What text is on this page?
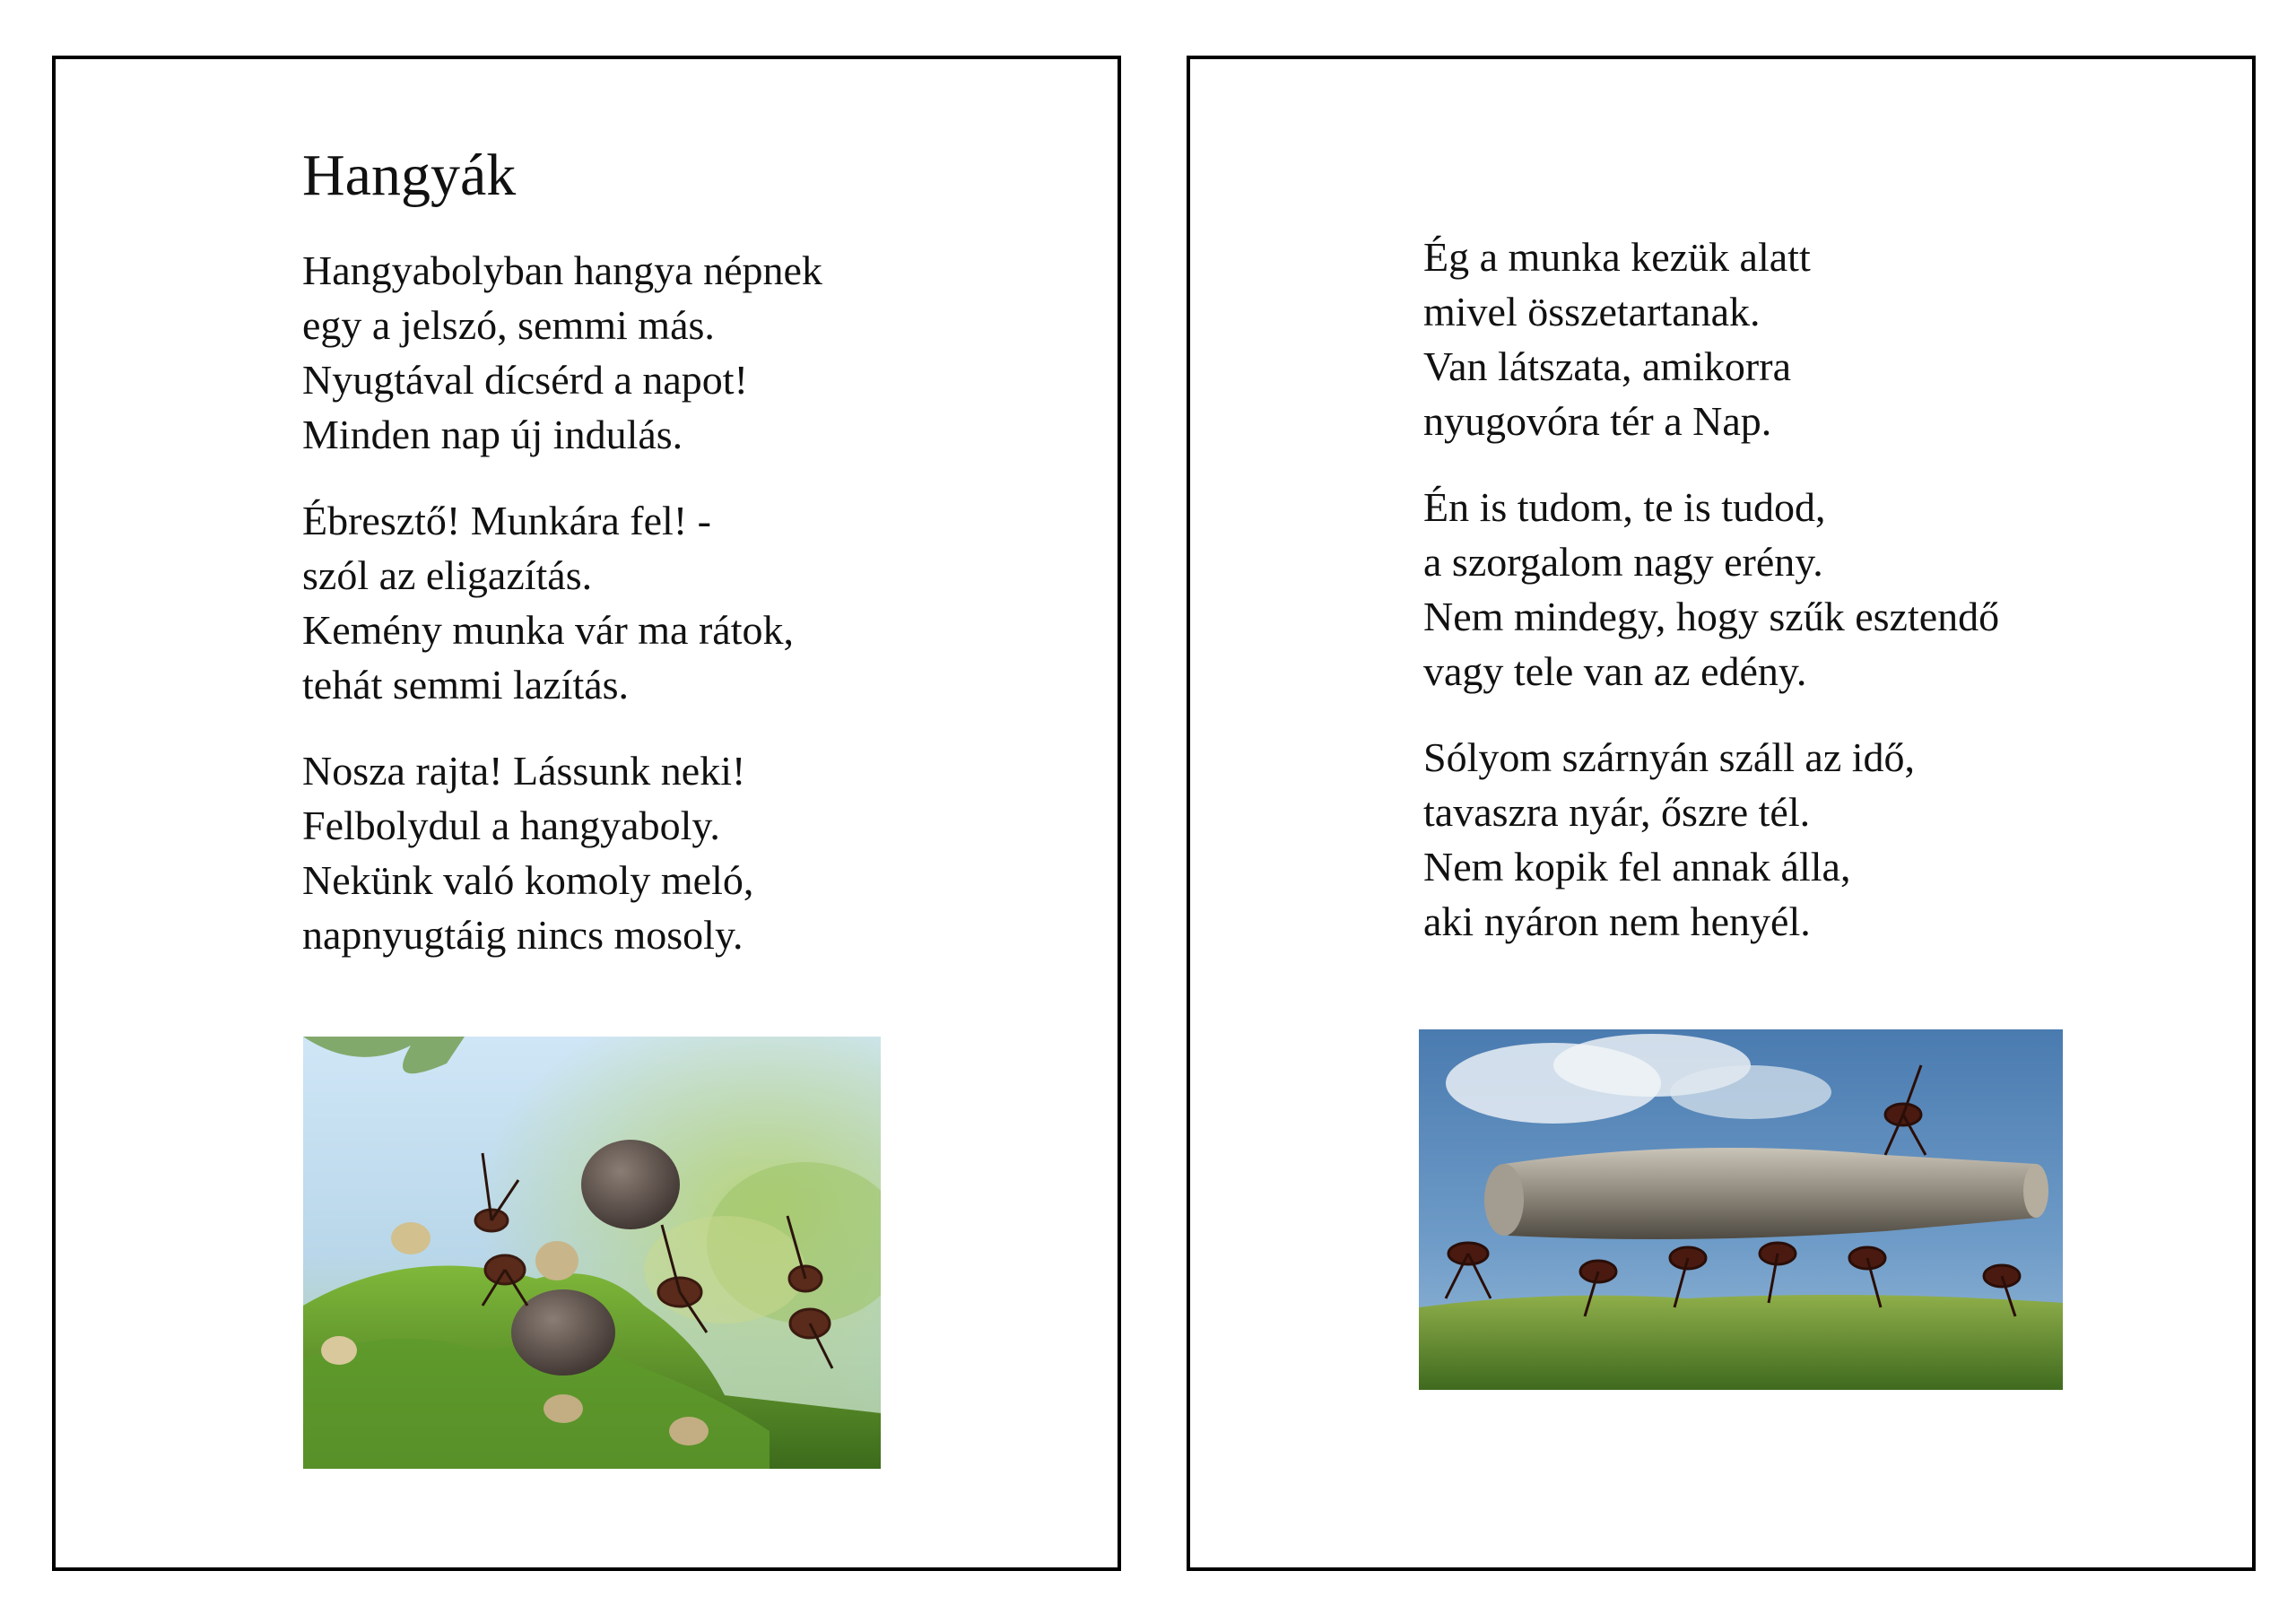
Hangyák

Hangyabolyban hangya népnek
egy a jelszó, semmi más.
Nyugtával dícsérd a napot!
Minden nap új indulás.

Ébresztő! Munkára fel! -
szól az eligazítás.
Kemény munka vár ma rátok,
tehát semmi lazítás.

Nosza rajta! Lássunk neki!
Felbolydul a hangyaboly.
Nekünk való komoly meló,
napnyugtáig nincs mosoly.

Ég a munka kezük alatt
mivel összetartanak.
Van látszata, amikorra
nyugovóra tér a Nap.

Én is tudom, te is tudod,
a szorgalom nagy erény.
Nem mindegy, hogy szűk esztendő
vagy tele van az edény.

Sólyom szárnyán száll az idő,
tavaszra nyár, őszre tél.
Nem kopik fel annak álla,
aki nyáron nem henyél.
